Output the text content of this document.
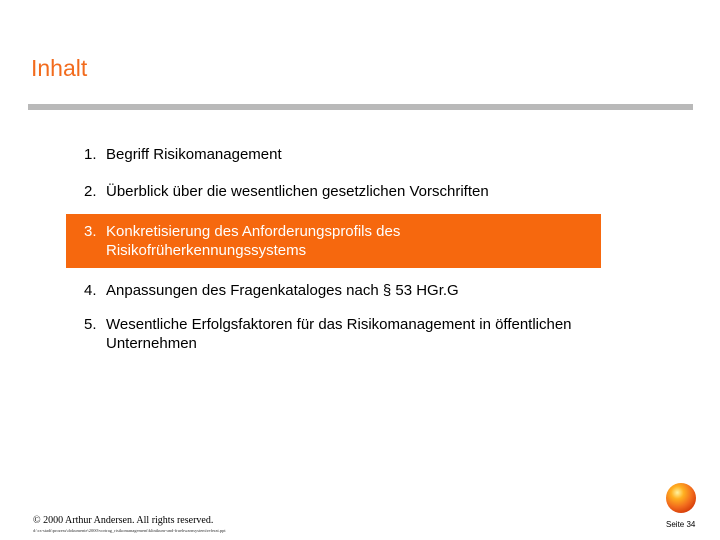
Inhalt
1. Begriff Risikomanagement
2. Überblick über die wesentlichen gesetzlichen Vorschriften
3. Konkretisierung des Anforderungsprofils des Risikofrüherkennungssystems
4. Anpassungen des Fragenkataloges nach § 53 HGr.G
5. Wesentliche Erfolgsfaktoren für das Risikomanagement in öffentlichen Unternehmen
© 2000 Arthur Andersen. All rights reserved.
d:\cs-stadt\prozess\dokumente\2000\vortrag_risikomanagement\klinikum-und-fruehwarnsystem\referat.ppt
Seite 34
